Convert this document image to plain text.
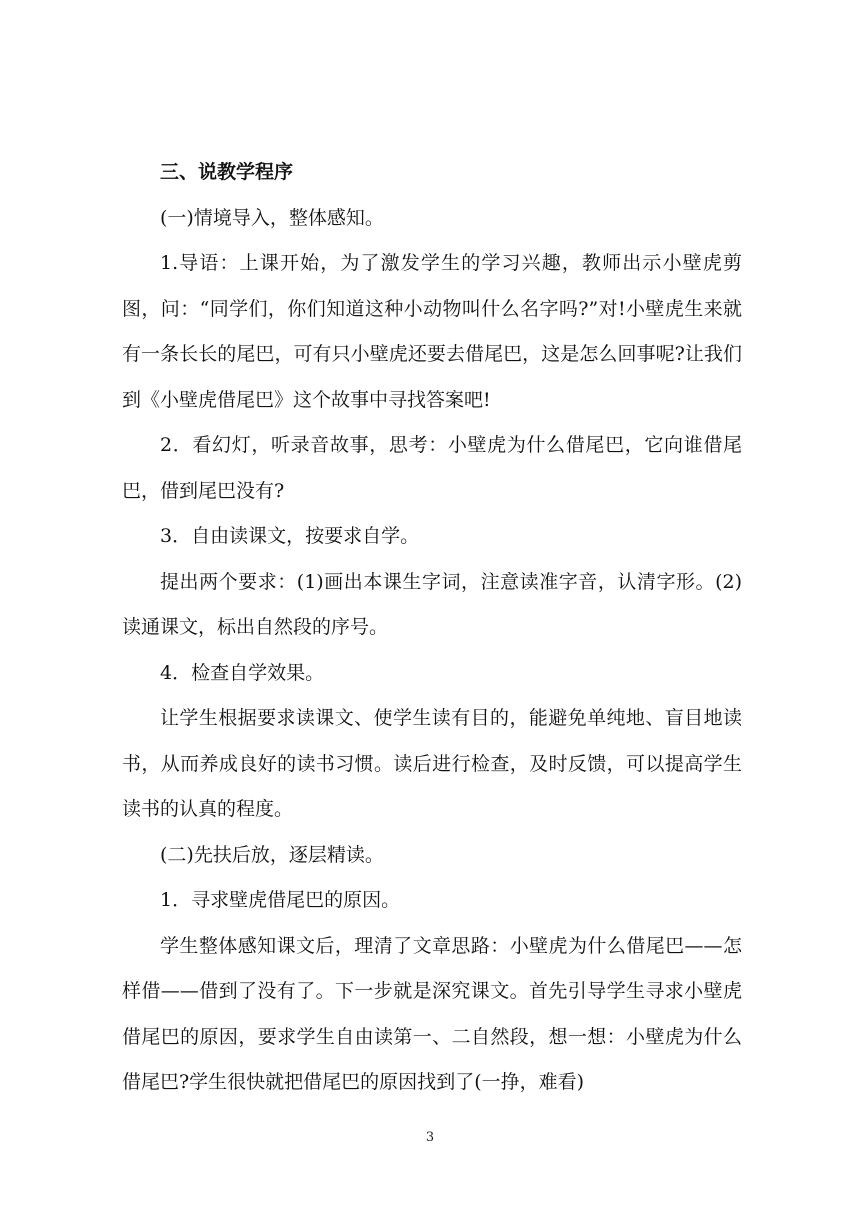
三、说教学程序

(一)情境导入，整体感知。

1.导语：上课开始，为了激发学生的学习兴趣，教师出示小壁虎剪图，问：“同学们，你们知道这种小动物叫什么名字吗?”对!小壁虎生来就有一条长长的尾巴，可有只小壁虎还要去借尾巴，这是怎么回事呢?让我们到《小壁虎借尾巴》这个故事中寻找答案吧!

2．看幻灯，听录音故事，思考：小壁虎为什么借尾巴，它向谁借尾巴，借到尾巴没有?

3．自由读课文，按要求自学。

提出两个要求：(1)画出本课生字词，注意读准字音，认清字形。(2)读通课文，标出自然段的序号。

4．检查自学效果。

让学生根据要求读课文、使学生读有目的，能避免单纯地、盲目地读书，从而养成良好的读书习惯。读后进行检查，及时反馈，可以提高学生读书的认真的程度。

(二)先扶后放，逐层精读。

1．寻求壁虎借尾巴的原因。

学生整体感知课文后，理清了文章思路：小壁虎为什么借尾巴——怎样借——借到了没有了。下一步就是深究课文。首先引导学生寻求小壁虎借尾巴的原因，要求学生自由读第一、二自然段，想一想：小壁虎为什么借尾巴?学生很快就把借尾巴的原因找到了(一挣，难看)

3
